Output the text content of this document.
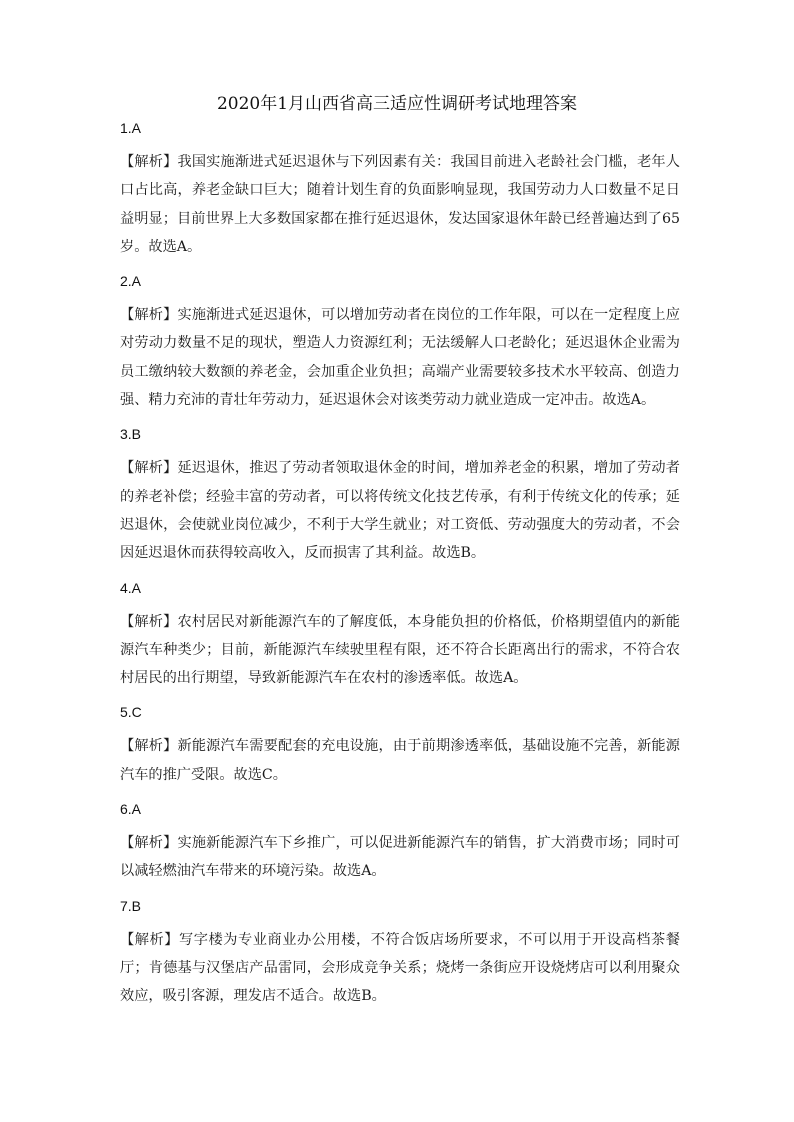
2020年1月山西省高三适应性调研考试地理答案
1.A
【解析】我国实施渐进式延迟退休与下列因素有关：我国目前进入老龄社会门槛，老年人口占比高，养老金缺口巨大；随着计划生育的负面影响显现，我国劳动力人口数量不足日益明显；目前世界上大多数国家都在推行延迟退休，发达国家退休年龄已经普遍达到了65岁。故选A。
2.A
【解析】实施渐进式延迟退休，可以增加劳动者在岗位的工作年限，可以在一定程度上应对劳动力数量不足的现状，塑造人力资源红利；无法缓解人口老龄化；延迟退休企业需为员工缴纳较大数额的养老金，会加重企业负担；高端产业需要较多技术水平较高、创造力强、精力充沛的青壮年劳动力，延迟退休会对该类劳动力就业造成一定冲击。故选A。
3.B
【解析】延迟退休，推迟了劳动者领取退休金的时间，增加养老金的积累，增加了劳动者的养老补偿；经验丰富的劳动者，可以将传统文化技艺传承，有利于传统文化的传承；延迟退休，会使就业岗位减少，不利于大学生就业；对工资低、劳动强度大的劳动者，不会因延迟退休而获得较高收入，反而损害了其利益。故选B。
4.A
【解析】农村居民对新能源汽车的了解度低，本身能负担的价格低，价格期望值内的新能源汽车种类少；目前，新能源汽车续驶里程有限，还不符合长距离出行的需求，不符合农村居民的出行期望，导致新能源汽车在农村的渗透率低。故选A。
5.C
【解析】新能源汽车需要配套的充电设施，由于前期渗透率低，基础设施不完善，新能源汽车的推广受限。故选C。
6.A
【解析】实施新能源汽车下乡推广，可以促进新能源汽车的销售，扩大消费市场；同时可以减轻燃油汽车带来的环境污染。故选A。
7.B
【解析】写字楼为专业商业办公用楼，不符合饭店场所要求，不可以用于开设高档茶餐厅；肯德基与汉堡店产品雷同，会形成竞争关系；烧烤一条街应开设烧烤店可以利用聚众效应，吸引客源，理发店不适合。故选B。
